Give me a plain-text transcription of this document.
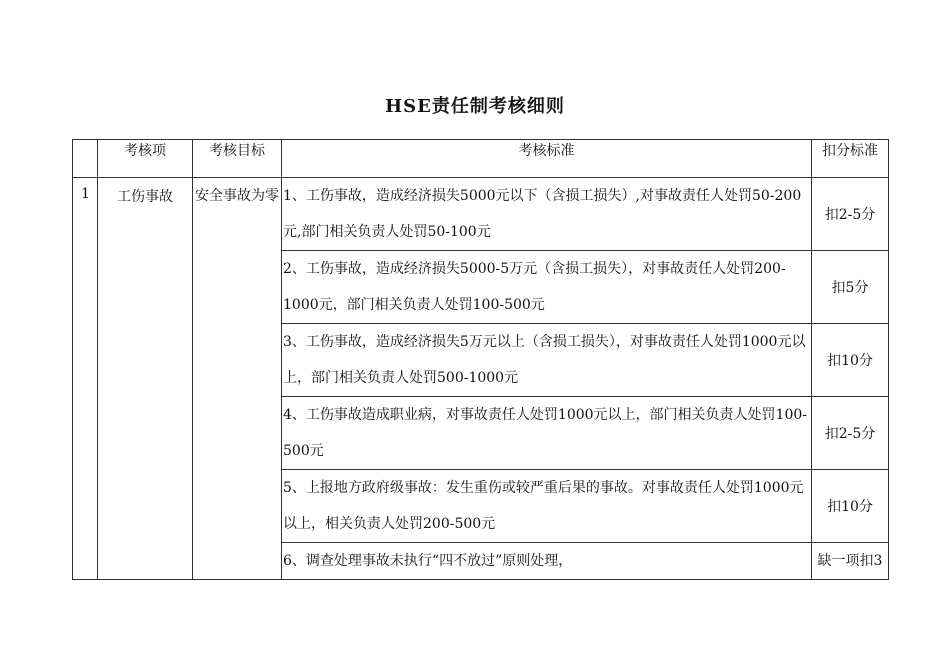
HSE责任制考核细则
	考核项	考核目标	考核标准	扣分标准
1	工伤事故	安全事故为零	1、工伤事故，造成经济损失5000元以下（含损工损失）,对事故责任人处罚50-200元,部门相关负责人处罚50-100元	扣2-5分
			2、工伤事故，造成经济损失5000-5万元（含损工损失），对事故责任人处罚200-1000元，部门相关负责人处罚100-500元	扣5分
			3、工伤事故，造成经济损失5万元以上（含损工损失），对事故责任人处罚1000元以上，部门相关负责人处罚500-1000元	扣10分
			4、工伤事故造成职业病，对事故责任人处罚1000元以上，部门相关负责人处罚100-500元	扣2-5分
			5、上报地方政府级事故：发生重伤或较严重后果的事故。对事故责任人处罚1000元以上，相关负责人处罚200-500元	扣10分
			6、调查处理事故未执行“四不放过”原则处理，	缺一项扣3
